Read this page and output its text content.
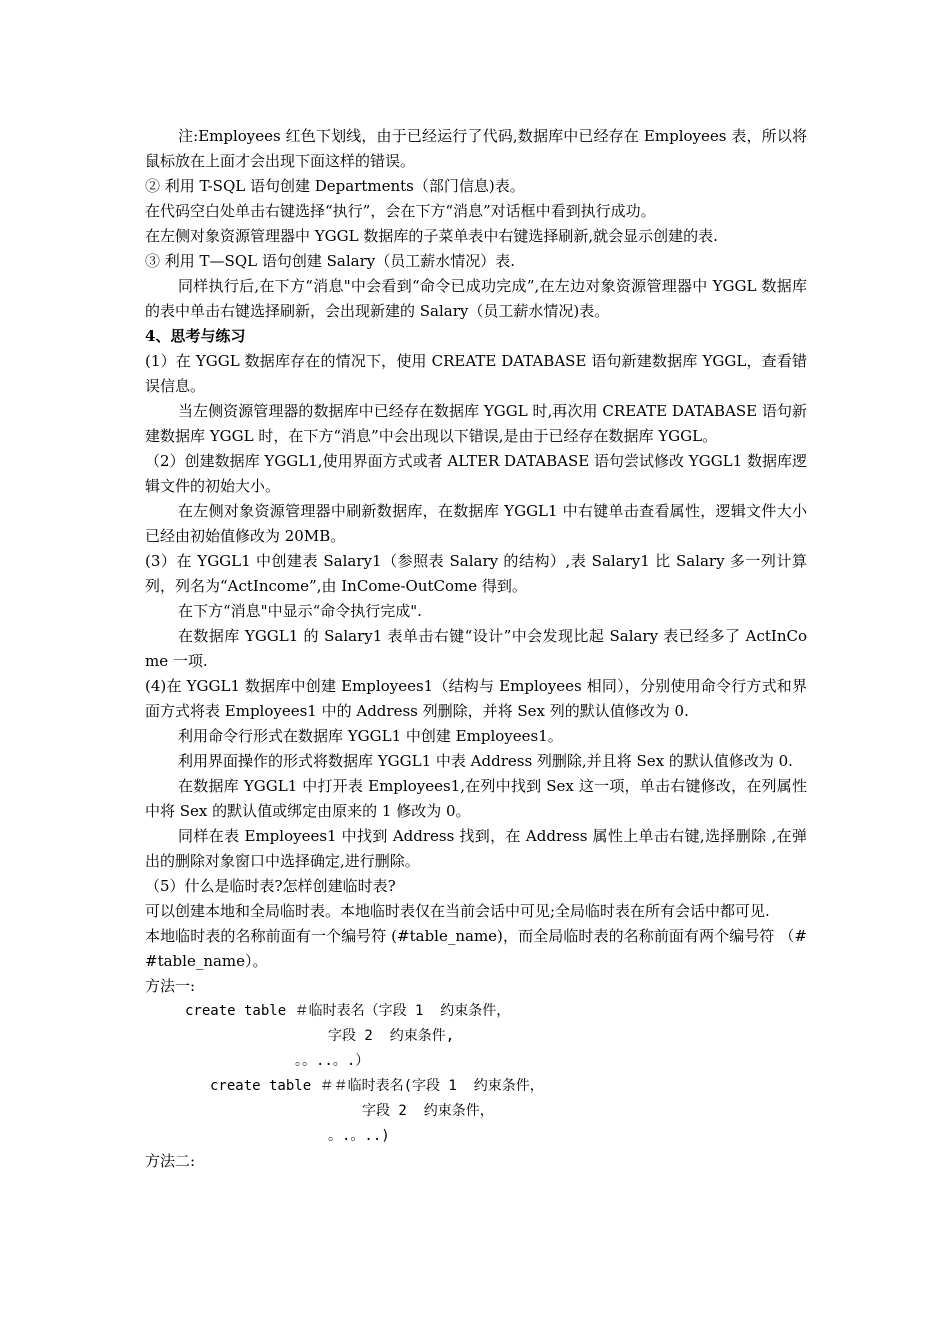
注:Employees 红色下划线，由于已经运行了代码,数据库中已经存在 Employees 表，所以将鼠标放在上面才会出现下面这样的错误。

② 利用 T-SQL 语句创建 Departments（部门信息)表。

在代码空白处单击右键选择“执行”，会在下方“消息”对话框中看到执行成功。

在左侧对象资源管理器中 YGGL 数据库的子菜单表中右键选择刷新,就会显示创建的表.

③ 利用 T—SQL 语句创建 Salary（员工薪水情况）表.

同样执行后,在下方“消息"中会看到“命令已成功完成”,在左边对象资源管理器中 YGGL 数据库的表中单击右键选择刷新，会出现新建的 Salary（员工薪水情况)表。

4、思考与练习

(1）在 YGGL 数据库存在的情况下，使用 CREATE DATABASE 语句新建数据库 YGGL，查看错误信息。

当左侧资源管理器的数据库中已经存在数据库 YGGL 时,再次用 CREATE DATABASE 语句新建数据库 YGGL 时，在下方“消息”中会出现以下错误,是由于已经存在数据库 YGGL。

（2）创建数据库 YGGL1,使用界面方式或者 ALTER DATABASE 语句尝试修改 YGGL1 数据库逻辑文件的初始大小。

在左侧对象资源管理器中刷新数据库，在数据库 YGGL1 中右键单击查看属性，逻辑文件大小已经由初始值修改为 20MB。

(3）在 YGGL1 中创建表 Salary1（参照表 Salary 的结构）,表 Salary1 比 Salary 多一列计算列，列名为“ActIncome”,由 InCome-OutCome 得到。

在下方“消息"中显示“命令执行完成".

在数据库 YGGL1 的 Salary1 表单击右键“设计”中会发现比起 Salary 表已经多了 ActInCome 一项.

(4)在 YGGL1 数据库中创建 Employees1（结构与 Employees 相同），分别使用命令行方式和界面方式将表 Employees1 中的 Address 列删除，并将 Sex 列的默认值修改为 0.

利用命令行形式在数据库 YGGL1 中创建 Employees1。

利用界面操作的形式将数据库 YGGL1 中表 Address 列删除,并且将 Sex 的默认值修改为 0.

在数据库 YGGL1 中打开表 Employees1,在列中找到 Sex 这一项，单击右键修改，在列属性中将 Sex 的默认值或绑定由原来的 1 修改为 0。

同样在表 Employees1 中找到 Address 找到，在 Address 属性上单击右键,选择删除 ,在弹出的删除对象窗口中选择确定,进行删除。

（5）什么是临时表?怎样创建临时表?

可以创建本地和全局临时表。本地临时表仅在当前会话中可见;全局临时表在所有会话中都可见.

本地临时表的名称前面有一个编号符 (#table_name)，而全局临时表的名称前面有两个编号符 （##table_name）。

方法一:

create table ＃临时表名（字段 1  约束条件，

字段 2  约束条件,

。。..。.）

create table ＃＃临时表名(字段 1  约束条件，

字段 2  约束条件，

。.。..)

方法二:
